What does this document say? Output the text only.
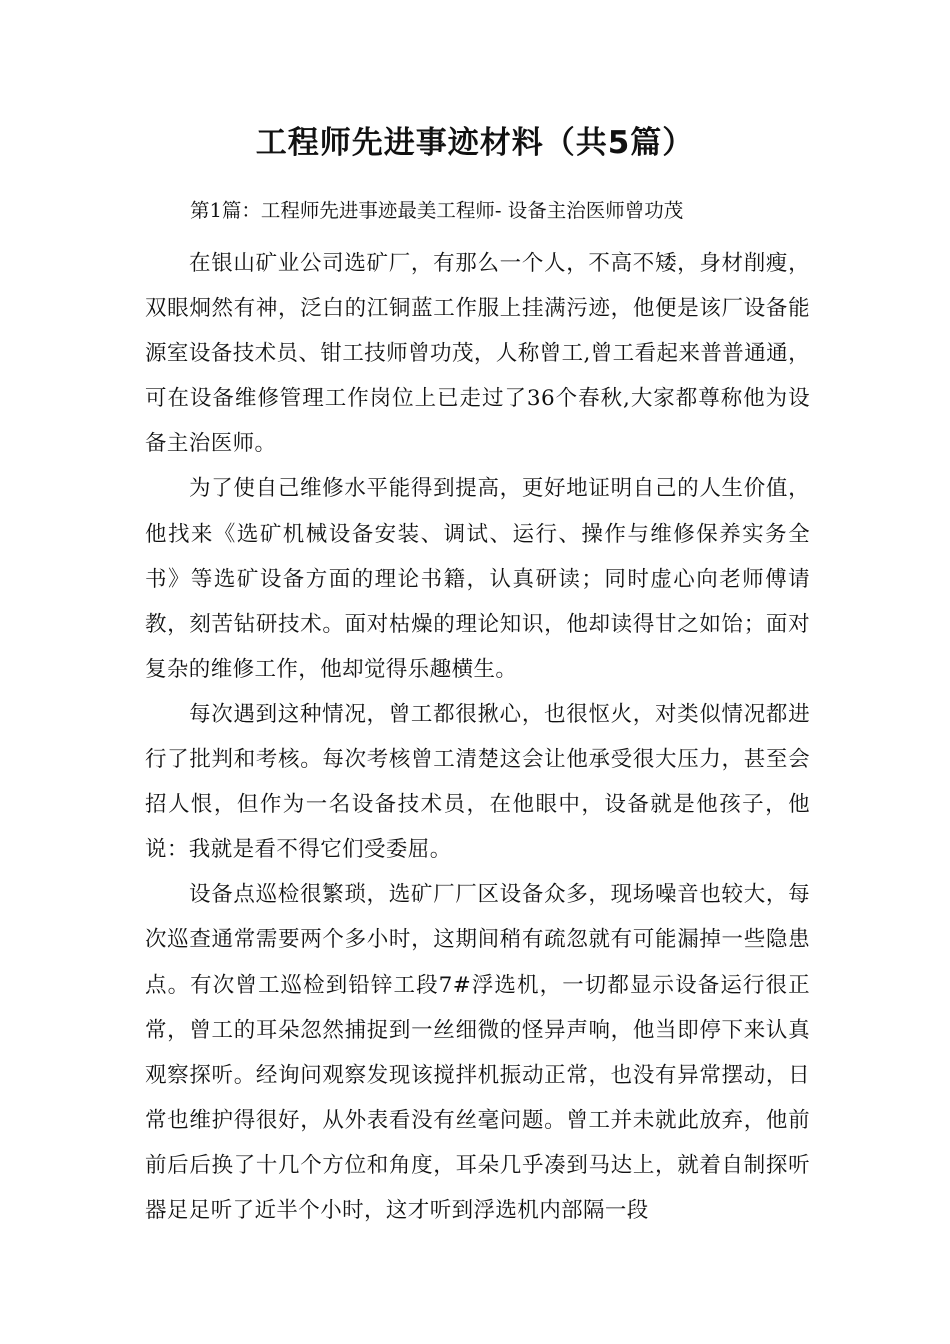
工程师先进事迹材料（共5篇）
第1篇：工程师先进事迹最美工程师- 设备主治医师曾功茂

在银山矿业公司选矿厂，有那么一个人，不高不矮，身材削瘦，双眼炯然有神，泛白的江铜蓝工作服上挂满污迹，他便是该厂设备能源室设备技术员、钳工技师曾功茂，人称曾工,曾工看起来普普通通，可在设备维修管理工作岗位上已走过了36个春秋,大家都尊称他为设备主治医师。

为了使自己维修水平能得到提高，更好地证明自己的人生价值，他找来《选矿机械设备安装、调试、运行、操作与维修保养实务全书》等选矿设备方面的理论书籍，认真研读；同时虚心向老师傅请教，刻苦钻研技术。面对枯燥的理论知识，他却读得甘之如饴；面对复杂的维修工作，他却觉得乐趣横生。

每次遇到这种情况，曾工都很揪心，也很怄火，对类似情况都进行了批判和考核。每次考核曾工清楚这会让他承受很大压力，甚至会招人恨，但作为一名设备技术员，在他眼中，设备就是他孩子，他说：我就是看不得它们受委屈。

设备点巡检很繁琐，选矿厂厂区设备众多，现场噪音也较大，每次巡查通常需要两个多小时，这期间稍有疏忽就有可能漏掉一些隐患点。有次曾工巡检到铅锌工段7#浮选机，一切都显示设备运行很正常，曾工的耳朵忽然捕捉到一丝细微的怪异声响，他当即停下来认真观察探听。经询问观察发现该搅拌机振动正常，也没有异常摆动，日常也维护得很好，从外表看没有丝毫问题。曾工并未就此放弃，他前前后后换了十几个方位和角度，耳朵几乎凑到马达上，就着自制探听器足足听了近半个小时，这才听到浮选机内部隔一段
